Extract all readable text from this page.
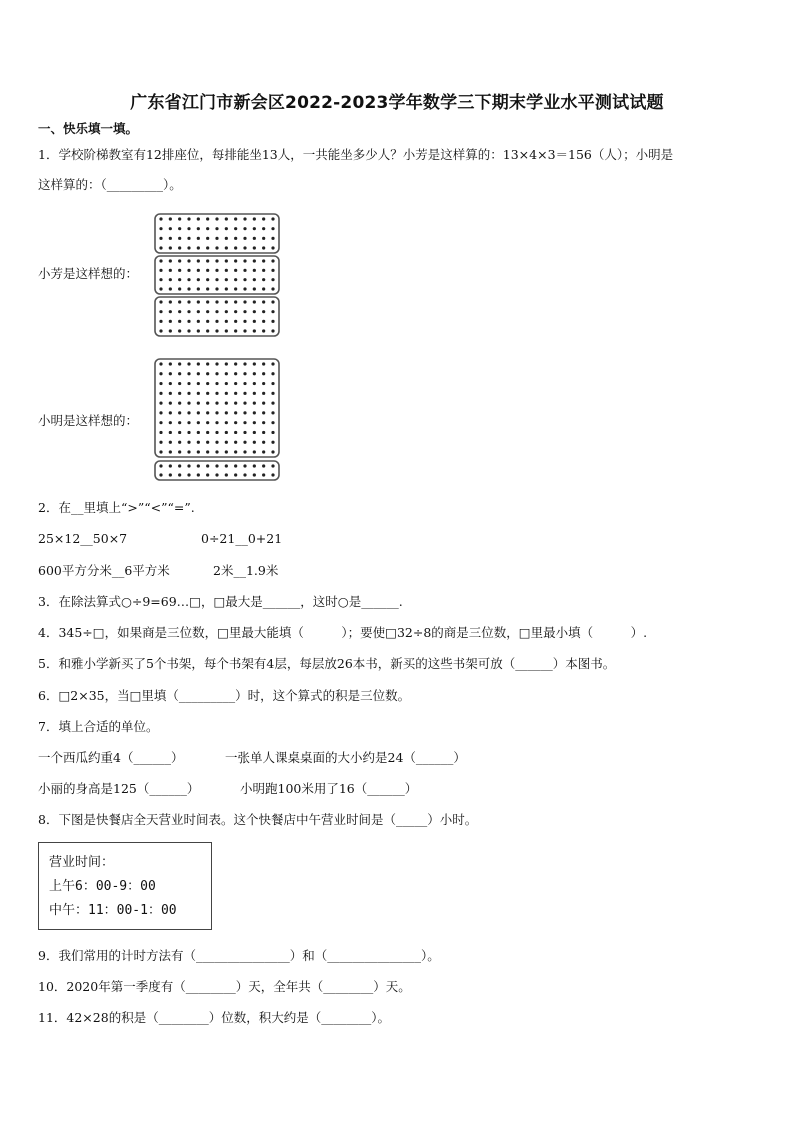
广东省江门市新会区2022-2023学年数学三下期末学业水平测试试题
一、快乐填一填。
1．学校阶梯教室有12排座位，每排能坐13人，一共能坐多少人？小芳是这样算的：13×4×3＝156（人）；小明是
这样算的：（_________）。
小芳是这样想的：
小明是这样想的：
2．在__里填上“>”“<”“=”.
25×12__50×7	0÷21__0+21
600平方分米__6平方米	2米__1.9米
3．在除法算式○÷9=69…□，□最大是______，这时○是______.
4．345÷□，如果商是三位数，□里最大能填（　　　）；要使□32÷8的商是三位数，□里最小填（　　　）.
5．和雅小学新买了5个书架，每个书架有4层，每层放26本书，新买的这些书架可放（______）本图书。
6．□2×35，当□里填（_________）时，这个算式的积是三位数。
7．填上合适的单位。
一个西瓜约重4（______）	一张单人课桌桌面的大小约是24（______）
小丽的身高是125（______）	小明跑100米用了16（______）
8．下图是快餐店全天营业时间表。这个快餐店中午营业时间是（_____）小时。
营业时间：
上午6：00-9：00
中午：11：00-1：00
9．我们常用的计时方法有（_______________）和（_______________）。
10．2020年第一季度有（________）天，全年共（________）天。
11．42×28的积是（________）位数，积大约是（________）。
